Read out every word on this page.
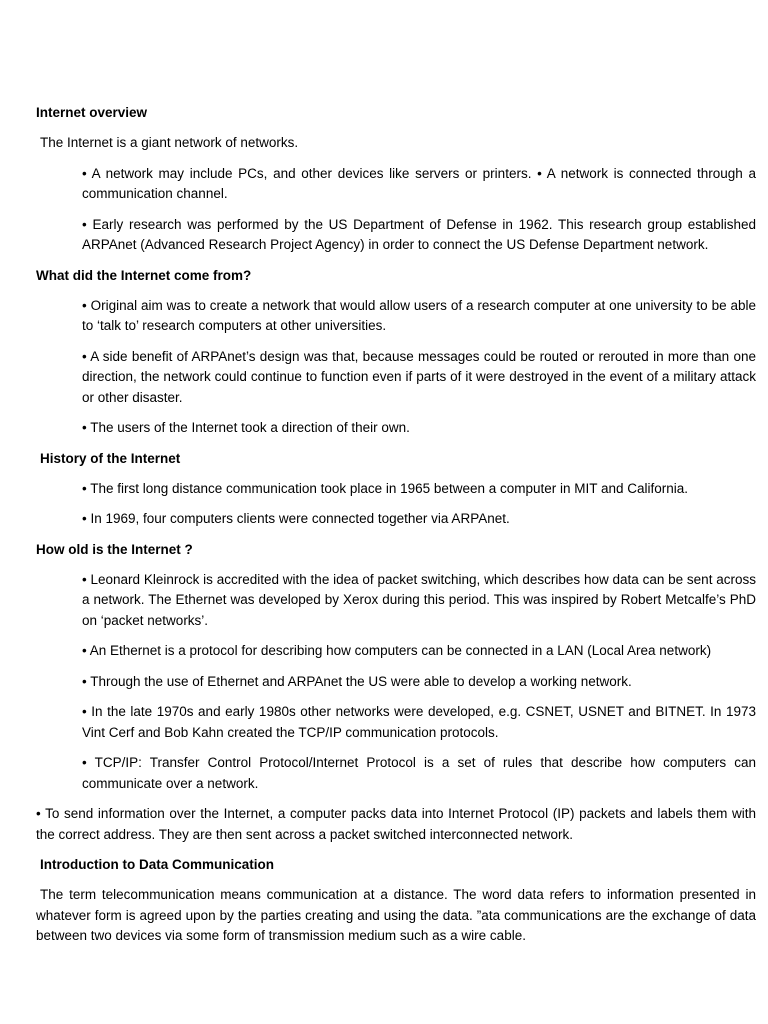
Internet overview
The Internet is a giant network of networks.
• A network may include PCs, and other devices like servers or printers. • A network is connected through a communication channel.
• Early research was performed by the US Department of Defense in 1962. This research group established ARPAnet (Advanced Research Project Agency) in order to connect the US Defense Department network.
What did the Internet come from?
• Original aim was to create a network that would allow users of a research computer at one university to be able to ‘talk to’ research computers at other universities.
• A side benefit of ARPAnet’s design was that, because messages could be routed or rerouted in more than one direction, the network could continue to function even if parts of it were destroyed in the event of a military attack or other disaster.
• The users of the Internet took a direction of their own.
History of the Internet
• The first long distance communication took place in 1965 between a computer in MIT and California.
• In 1969, four computers clients were connected together via ARPAnet.
How old is the Internet ?
• Leonard Kleinrock is accredited with the idea of packet switching, which describes how data can be sent across a network. The Ethernet was developed by Xerox during this period. This was inspired by Robert Metcalfe’s PhD on ‘packet networks’.
• An Ethernet is a protocol for describing how computers can be connected in a LAN (Local Area network)
• Through the use of Ethernet and ARPAnet the US were able to develop a working network.
• In the late 1970s and early 1980s other networks were developed, e.g. CSNET, USNET and BITNET. In 1973 Vint Cerf and Bob Kahn created the TCP/IP communication protocols.
• TCP/IP: Transfer Control Protocol/Internet Protocol is a set of rules that describe how computers can communicate over a network.
• To send information over the Internet, a computer packs data into Internet Protocol (IP) packets and labels them with the correct address. They are then sent across a packet switched interconnected network.
Introduction to Data Communication
The term telecommunication means communication at a distance. The word data refers to information presented in whatever form is agreed upon by the parties creating and using the data. ”ata communications are the exchange of data between two devices via some form of transmission medium such as a wire cable.
